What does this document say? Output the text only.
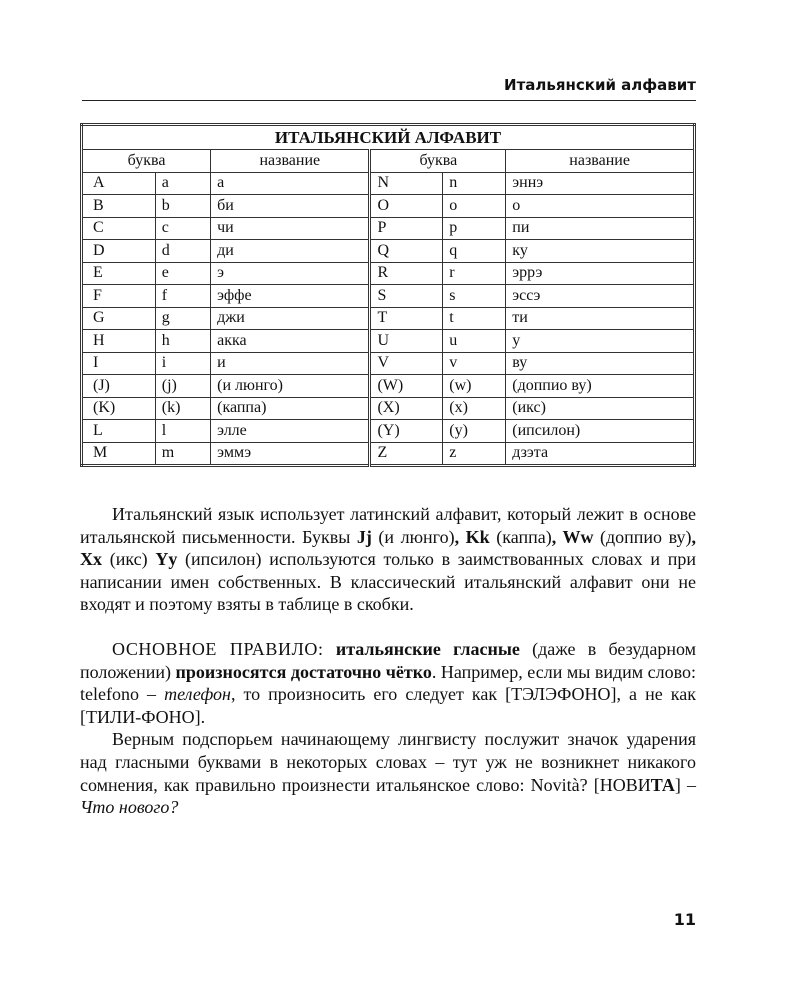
Итальянский алфавит
ИТАЛЬЯНСКИЙ АЛФАВИТ					
буква		название	буква		название
A	a	а	N	n	эннэ
B	b	би	O	o	о
C	c	чи	P	p	пи
D	d	ди	Q	q	ку
E	e	э	R	r	эррэ
F	f	эффе	S	s	эссэ
G	g	джи	T	t	ти
H	h	акка	U	u	у
I	i	и	V	v	ву
(J)	(j)	(и люнго)	(W)	(w)	(доппио ву)
(K)	(k)	(каппа)	(X)	(x)	(икс)
L	l	элле	(Y)	(y)	(ипсилон)
M	m	эммэ	Z	z	дзэта

Итальянский язык использует латинский алфавит, который лежит в основе итальянской письменности. Буквы Jj (и люнго), Kk (каппа), Ww (доппио ву), Xx (икс) Yy (ипсилон) используются только в заимствованных словах и при написании имен собственных. В классический итальянский алфавит они не входят и поэтому взяты в таблице в скобки.

ОСНОВНОЕ ПРАВИЛО: итальянские гласные (даже в безударном положении) произносятся достаточно чётко. Например, если мы видим слово: telefono – телефон, то произносить его следует как [ТЭЛЭФОНО], а не как [ТИЛИ-ФОНО].

Верным подспорьем начинающему лингвисту послужит значок ударения над гласными буквами в некоторых словах – тут уж не возникнет никакого сомнения, как правильно произнести итальянское слово: Novità? [НОВИТА] – Что нового?

11
